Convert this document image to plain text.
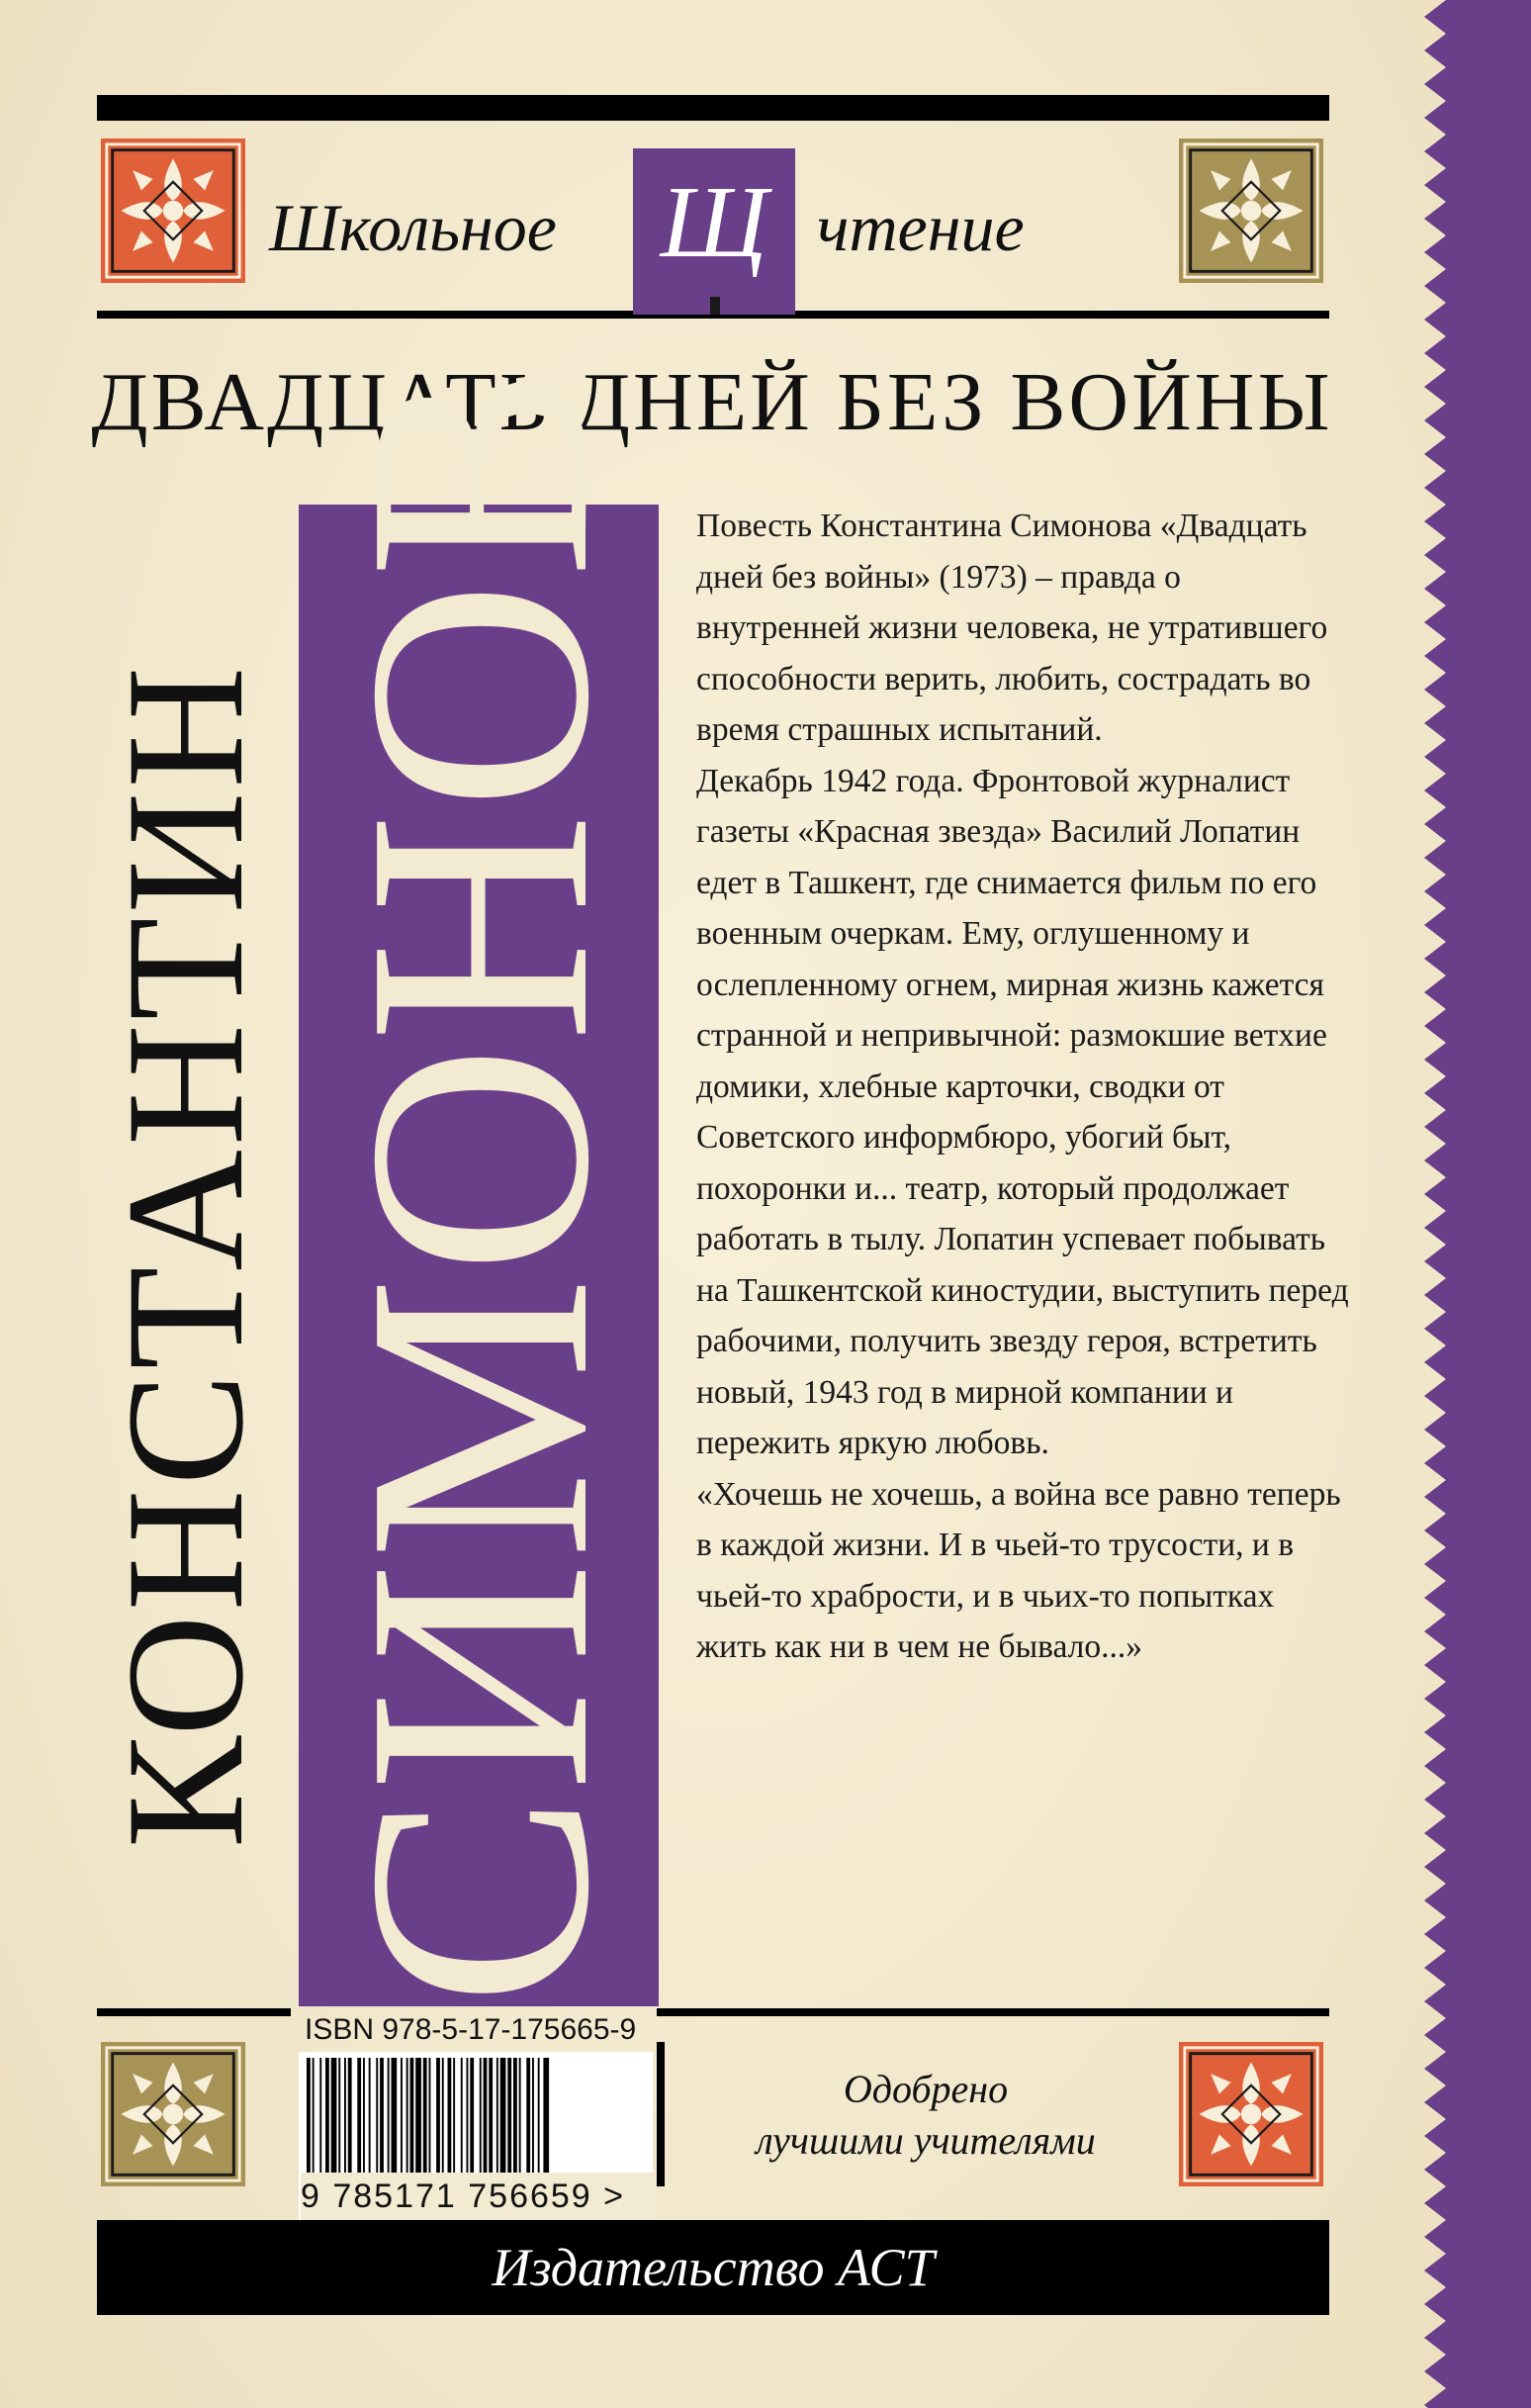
Школьное Щ чтение
ДВАДЦАТЬ ДНЕЙ БЕЗ ВОЙНЫ
КОНСТАНТИН СИМОНОВ Повесть Константина Симонова «Двадцать дней без войны» (1973) – правда о внутренней жизни человека, не утратившего способности верить, любить, сострадать во время страшных испытаний.

Декабрь 1942 года. Фронтовой журналист газеты «Красная звезда» Василий Лопатин едет в Ташкент, где снимается фильм по его военным очеркам. Ему, оглушенному и ослепленному огнем, мирная жизнь кажется странной и непривычной: размокшие ветхие домики, хлебные карточки, сводки от Советского информбюро, убогий быт, похоронки и... театр, который продолжает работать в тылу. Лопатин успевает побывать на Ташкентской киностудии, выступить перед рабочими, получить звезду героя, встретить новый, 1943 год в мирной компании и пережить яркую любовь.

«Хочешь не хочешь, а война все равно теперь в каждой жизни. И в чьей-то трусости, и в чьей-то храбрости, и в чьих-то попытках жить как ни в чем не бывало...»

ISBN 978-5-17-175665-9
9 785171 756659 >
Одобрено
лучшими учителями
Издательство АСТ
